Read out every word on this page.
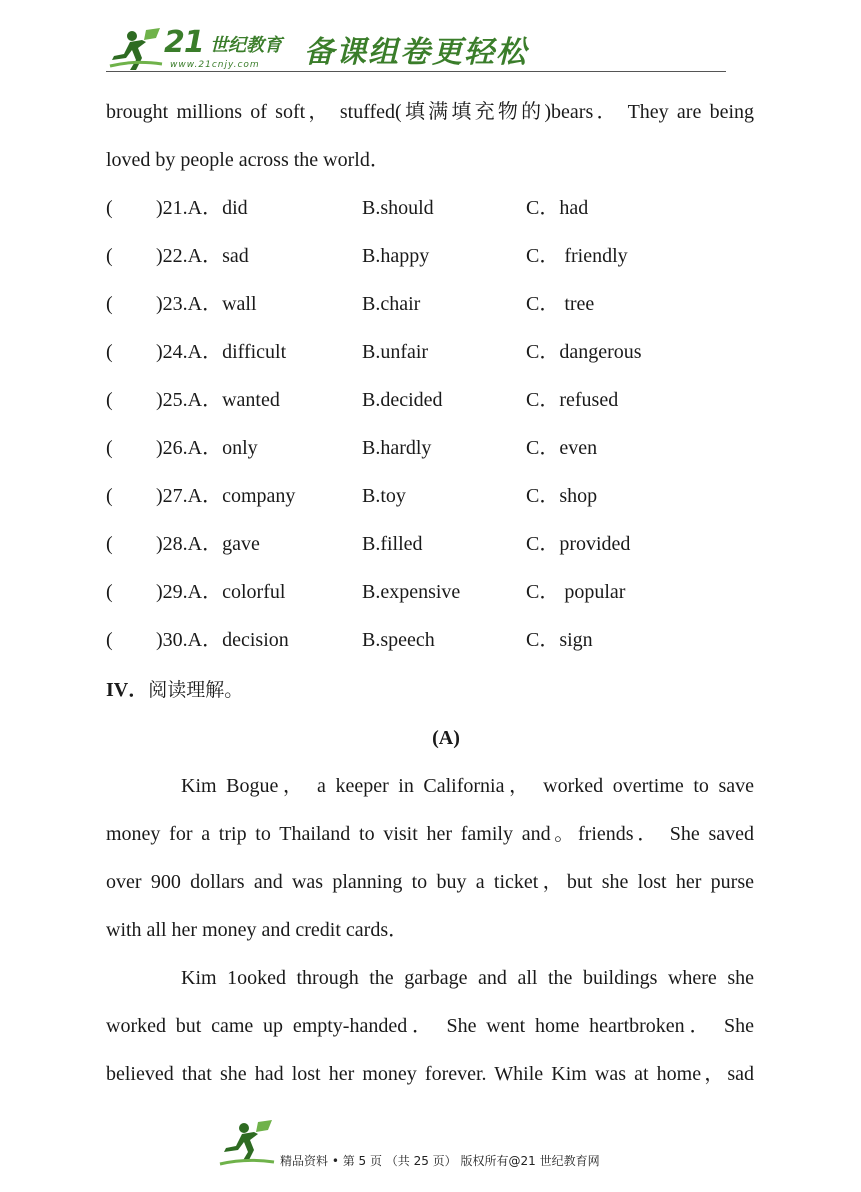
21 世纪教育
www.21cnjy.com 备课组卷更轻松
brought millions of soft， stuffed(填满填充物的)bears． They are being
loved by people across the world．
( )21.A．did	B.should	C．had
( )22.A．sad	B.happy	C． friendly
( )23.A．wall	B.chair	C． tree
( )24.A．difficult	B.unfair	C．dangerous
( )25.A．wanted	B.decided	C．refused
( )26.A．only	B.hardly	C．even
( )27.A．company	B.toy	C．shop
( )28.A．gave	B.filled	C．provided
( )29.A．colorful	B.expensive	C． popular
( )30.A．decision	B.speech	C．sign
IV．阅读理解。
(A)
Kim Bogue， a keeper in California， worked overtime to save
money for a trip to Thailand to visit her family and。friends． She saved
over 900 dollars and was planning to buy a ticket，but she lost her purse
with all her money and credit cards．
Kim 1ooked through the garbage and all the buildings where she
worked but came up empty-handed． She went home heartbroken． She
believed that she had lost her money forever. While Kim was at home，sad
精品资料 • 第 5 页 （共 25 页） 版权所有@21 世纪教育网
